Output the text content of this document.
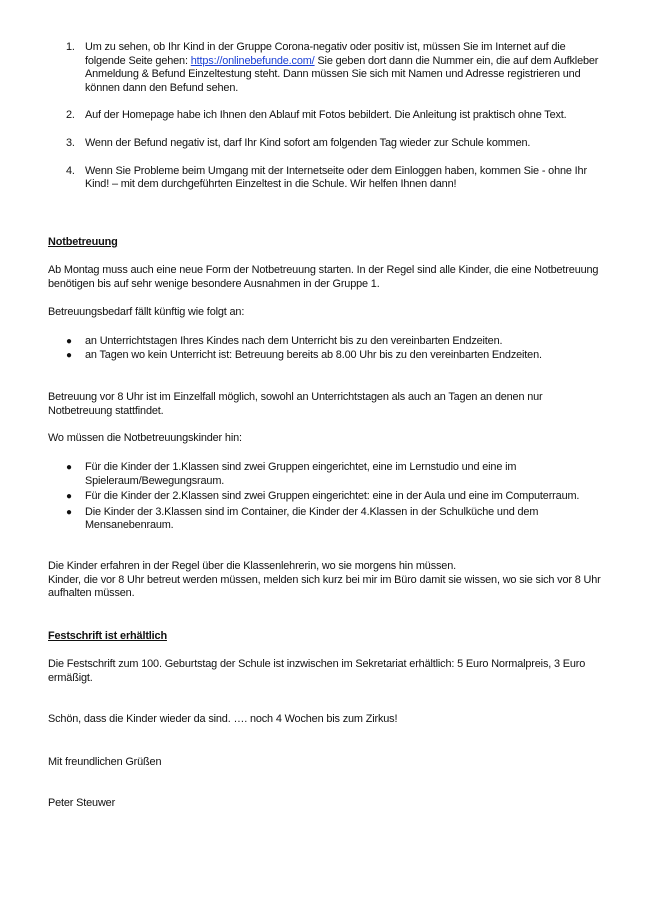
1. Um zu sehen, ob Ihr Kind in der Gruppe Corona-negativ oder positiv ist, müssen Sie im Internet auf die folgende Seite gehen: https://onlinebefunde.com/ Sie geben dort dann die Nummer ein, die auf dem Aufkleber Anmeldung & Befund Einzeltestung steht. Dann müssen Sie sich mit Namen und Adresse registrieren und können dann den Befund sehen.
2. Auf der Homepage habe ich Ihnen den Ablauf mit Fotos bebildert. Die Anleitung ist praktisch ohne Text.
3. Wenn der Befund negativ ist, darf Ihr Kind sofort am folgenden Tag wieder zur Schule kommen.
4. Wenn Sie Probleme beim Umgang mit der Internetseite oder dem Einloggen haben, kommen Sie - ohne Ihr Kind! – mit dem durchgeführten Einzeltest in die Schule. Wir helfen Ihnen dann!
Notbetreuung

Ab Montag muss auch eine neue Form der Notbetreuung starten. In der Regel sind alle Kinder, die eine Notbetreuung benötigen bis auf sehr wenige besondere Ausnahmen in der Gruppe 1.

Betreuungsbedarf fällt künftig wie folgt an:

● an Unterrichtstagen Ihres Kindes nach dem Unterricht bis zu den vereinbarten Endzeiten.
● an Tagen wo kein Unterricht ist: Betreuung bereits ab 8.00 Uhr bis zu den vereinbarten Endzeiten.

Betreuung vor 8 Uhr ist im Einzelfall möglich, sowohl an Unterrichtstagen als auch an Tagen an denen nur Notbetreuung stattfindet.

Wo müssen die Notbetreuungskinder hin:

● Für die Kinder der 1.Klassen sind zwei Gruppen eingerichtet, eine im Lernstudio und eine im Spieleraum/Bewegungsraum.
● Für die Kinder der 2.Klassen sind zwei Gruppen eingerichtet: eine in der Aula und eine im Computerraum.
● Die Kinder der 3.Klassen sind im Container, die Kinder der 4.Klassen in der Schulküche und dem Mensanebenraum.

Die Kinder erfahren in der Regel über die Klassenlehrerin, wo sie morgens hin müssen.

Kinder, die vor 8 Uhr betreut werden müssen, melden sich kurz bei mir im Büro damit sie wissen, wo sie sich vor 8 Uhr aufhalten müssen.

Festschrift ist erhältlich

Die Festschrift zum 100. Geburtstag der Schule ist inzwischen im Sekretariat erhältlich: 5 Euro Normalpreis, 3 Euro ermäßigt.

Schön, dass die Kinder wieder da sind. …. noch 4 Wochen bis zum Zirkus!

Mit freundlichen Grüßen

Peter Steuwer
